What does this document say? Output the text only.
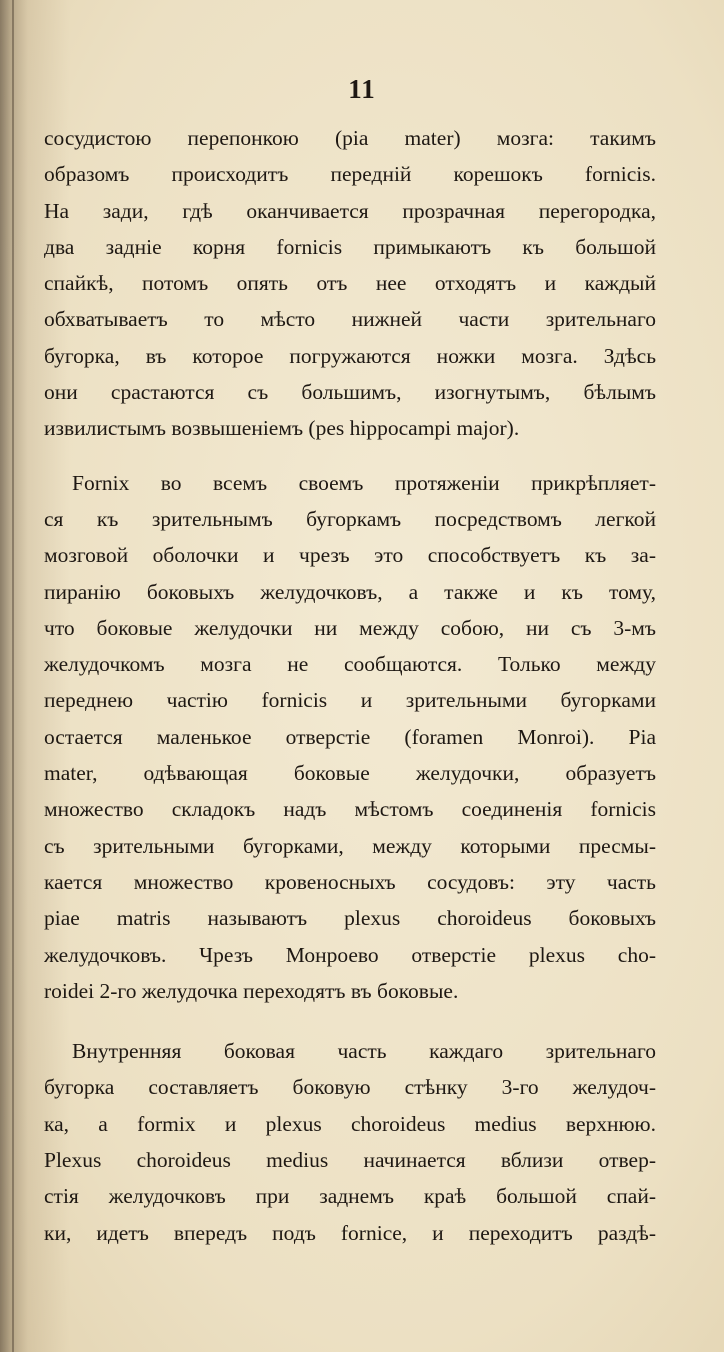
11
сосудистою перепонкою (pia mater) мозга: такимъ
образомъ происходитъ передній корешокъ fornicis.
На зади, гдѣ оканчивается прозрачная перегородка,
два задніе корня fornicis примыкаютъ къ большой
спайкѣ, потомъ опять отъ нее отходятъ и каждый
обхватываетъ то мѣсто нижней части зрительнаго
бугорка, въ которое погружаются ножки мозга. Здѣсь
они срастаются съ большимъ, изогнутымъ, бѣлымъ
извилистымъ возвышеніемъ (pes hippocampi major).
Fornix во всемъ своемъ протяженіи прикрѣпляет-
ся къ зрительнымъ бугоркамъ посредствомъ легкой
мозговой оболочки и чрезъ это способствуетъ къ за-
пиранію боковыхъ желудочковъ, а также и къ тому,
что боковые желудочки ни между собою, ни съ 3-мъ
желудочкомъ мозга не сообщаются. Только между
переднею частію fornicis и зрительными бугорками
остается маленькое отверстіе (foramen Monroi). Pia
mater, одѣвающая боковые желудочки, образуетъ
множество складокъ надъ мѣстомъ соединенія fornicis
съ зрительными бугорками, между которыми пресмы-
кается множество кровеносныхъ сосудовъ: эту часть
piae matris называютъ plexus choroideus боковыхъ
желудочковъ. Чрезъ Монроево отверстіе plexus cho-
roidei 2-го желудочка переходятъ въ боковые.
Внутренняя боковая часть каждаго зрительнаго
бугорка составляетъ боковую стѣнку 3-го желудоч-
ка, а formix и plexus choroideus medius верхнюю.
Plexus choroideus medius начинается вблизи отвер-
стія желудочковъ при заднемъ краѣ большой спай-
ки, идетъ впередъ подъ fornice, и переходитъ раздѣ-
